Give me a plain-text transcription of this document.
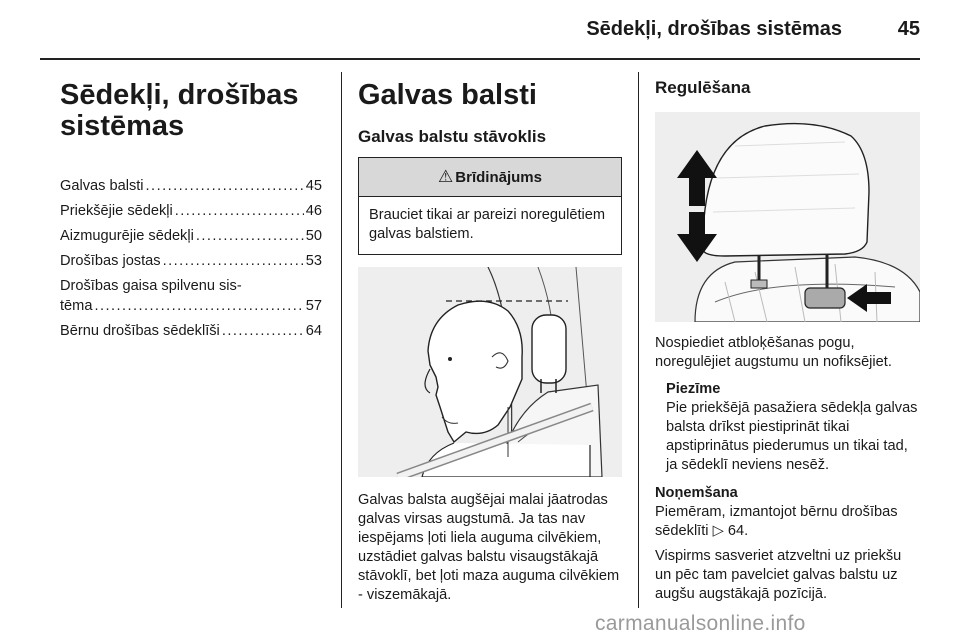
Sēdekļi, drošības sistēmas	45
Sēdekļi, drošības sistēmas
Galvas balsti . . .	45
Priekšējie sēdekļi . . .	46
Aizmugurējie sēdekļi . . .	50
Drošības jostas . . .	53
Drošības gaisa spilvenu sis-
tēma . . .	57
Bērnu drošības sēdeklīši . . .	64
Galvas balsti
Galvas balstu stāvoklis
⚠ Brīdinājums
Brauciet tikai ar pareizi noregulētiem galvas balstiem.

Galvas balsta augšējai malai jāatrodas galvas virsas augstumā. Ja tas nav iespējams ļoti liela auguma cilvēkiem, uzstādiet galvas balstu visaugstākajā stāvoklī, bet ļoti maza auguma cilvēkiem - viszemākajā.

Regulēšana

Nospiediet atbloķēšanas pogu, noregulējiet augstumu un nofiksējiet.

Piezīme

Pie priekšējā pasažiera sēdekļa galvas balsta drīkst piestiprināt tikai apstiprinātus piederumus un tikai tad, ja sēdeklī neviens nesēž.

Noņemšana

Piemēram, izmantojot bērnu drošības sēdeklīti ▷ 64.

Vispirms sasveriet atzveltni uz priekšu un pēc tam pavelciet galvas balstu uz augšu augstākajā pozīcijā.

carmanualsonline.info
